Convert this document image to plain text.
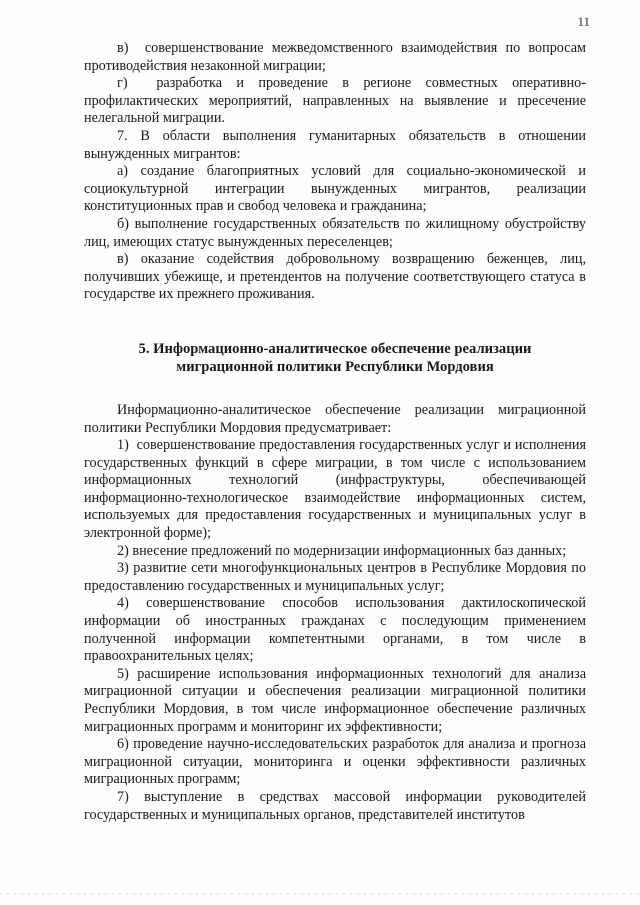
11

в)  совершенствование межведомственного взаимодействия по вопросам противодействия незаконной миграции;

г)  разработка и проведение в регионе совместных оперативно-профилактических мероприятий, направленных на выявление и пресечение нелегальной миграции.

7. В области выполнения гуманитарных обязательств в отношении вынужденных мигрантов:

а) создание благоприятных условий для социально-экономической и социокультурной интеграции вынужденных мигрантов, реализации конституционных прав и свобод человека и гражданина;

б) выполнение государственных обязательств по жилищному обустройству лиц, имеющих статус вынужденных переселенцев;

в) оказание содействия добровольному возвращению беженцев, лиц, получивших убежище, и претендентов на получение соответствующего статуса в государстве их прежнего проживания.

5. Информационно-аналитическое обеспечение реализации
миграционной политики Республики Мордовия

Информационно-аналитическое обеспечение реализации миграционной политики Республики Мордовия предусматривает:

1)  совершенствование предоставления государственных услуг и исполнения государственных функций в сфере миграции, в том числе с использованием информационных технологий (инфраструктуры, обеспечивающей информационно-технологическое взаимодействие информационных систем, используемых для предоставления государственных и муниципальных услуг в электронной форме);

2) внесение предложений по модернизации информационных баз данных;

3) развитие сети многофункциональных центров в Республике Мордовия по предоставлению государственных и муниципальных услуг;

4) совершенствование способов использования дактилоскопической информации об иностранных гражданах с последующим применением полученной информации компетентными органами, в том числе в правоохранительных целях;

5) расширение использования информационных технологий для анализа миграционной ситуации и обеспечения реализации миграционной политики Республики Мордовия, в том числе информационное обеспечение различных миграционных программ и мониторинг их эффективности;

6) проведение научно-исследовательских разработок для анализа и прогноза миграционной ситуации, мониторинга и оценки эффективности различных миграционных программ;

7) выступление в средствах массовой информации руководителей государственных и муниципальных органов, представителей институтов
